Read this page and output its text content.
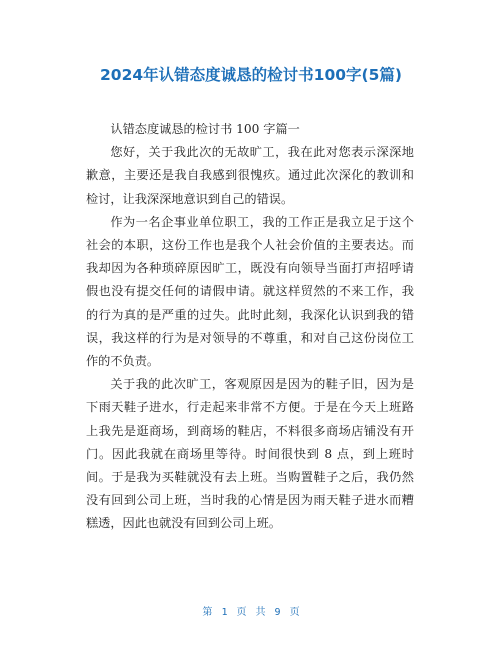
2024年认错态度诚恳的检讨书100字(5篇)

认错态度诚恳的检讨书 100 字篇一

您好，关于我此次的无故旷工，我在此对您表示深深地歉意，主要还是我自我感到很愧疚。通过此次深化的教训和检讨，让我深深地意识到自己的错误。

作为一名企事业单位职工，我的工作正是我立足于这个社会的本职，这份工作也是我个人社会价值的主要表达。而我却因为各种琐碎原因旷工，既没有向领导当面打声招呼请假也没有提交任何的请假申请。就这样贸然的不来工作，我的行为真的是严重的过失。此时此刻，我深化认识到我的错误，我这样的行为是对领导的不尊重，和对自己这份岗位工作的不负责。

关于我的此次旷工，客观原因是因为的鞋子旧，因为是下雨天鞋子进水，行走起来非常不方便。于是在今天上班路上我先是逛商场，到商场的鞋店，不料很多商场店铺没有开门。因此我就在商场里等待。时间很快到 8 点，到上班时间。于是我为买鞋就没有去上班。当购置鞋子之后，我仍然没有回到公司上班，当时我的心情是因为雨天鞋子进水而糟糕透，因此也就没有回到公司上班。

第 1 页 共 9 页
